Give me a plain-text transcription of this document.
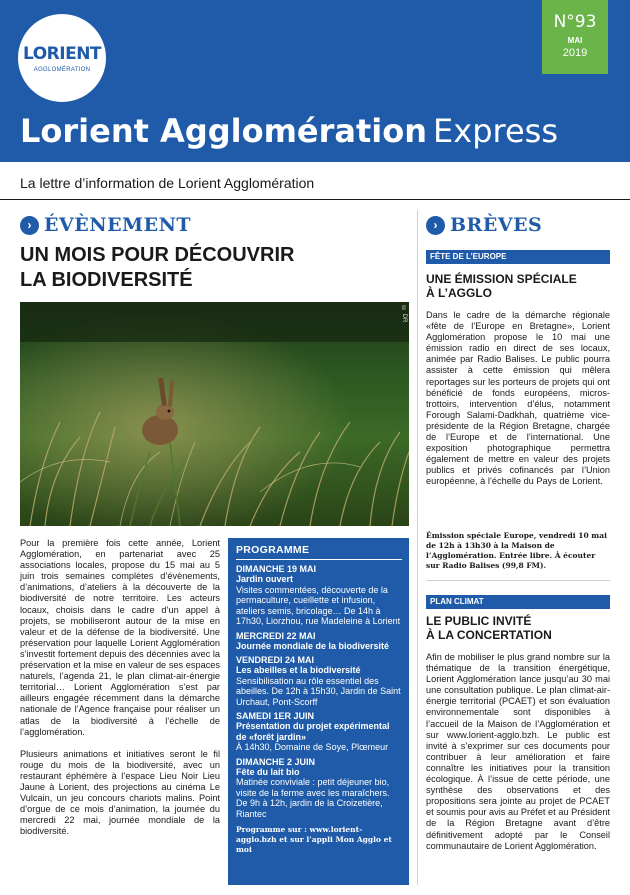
LORIENT
AGGLOMÉRATION
N°93
MAI
2019
Lorient Agglomération Express
La lettre d’information de Lorient Agglomération
› ÉVÈNEMENT
UN MOIS POUR DÉCOUVRIR
LA BIODIVERSITÉ
© DR

Pour la première fois cette année, Lorient Agglomération, en partenariat avec 25 associations locales, propose du 15 mai au 5 juin trois semaines complètes d’évènements, d’animations, d’ateliers à la découverte de la biodiversité de notre territoire. Les acteurs locaux, choisis dans le cadre d’un appel à projets, se mobiliseront autour de la mise en valeur et de la défense de la biodiversité. Une préservation pour laquelle Lorient Agglomération s’investit fortement depuis des décennies avec la préservation et la mise en valeur de ses espaces naturels, l’agenda 21, le plan climat-air-énergie territorial… Lorient Agglomération s’est par ailleurs engagée récemment dans la démarche nationale de l’Agence française pour réaliser un atlas de la biodiversité à l’échelle de l’agglomération.

Plusieurs animations et initiatives seront le fil rouge du mois de la biodiversité, avec un restaurant éphémère à l’espace Lieu Noir Lieu Jaune à Lorient, des projections au cinéma Le Vulcain, un jeu concours chariots malins. Point d’orgue de ce mois d’animation, la journée du mercredi 22 mai, journée mondiale de la biodiversité.

PROGRAMME
DIMANCHE 19 MAI
Jardin ouvert
Visites commentées, découverte de la permaculture, cueillette et infusion, ateliers semis, bricolage… De 14h à 17h30, Liorzhou, rue Madeleine à Lorient
MERCREDI 22 MAI
Journée mondiale de la biodiversité
VENDREDI 24 MAI
Les abeilles et la biodiversité
Sensibilisation au rôle essentiel des abeilles. De 12h à 15h30, Jardin de Saint Urchaut, Pont-Scorff
SAMEDI 1ER JUIN
Présentation du projet expérimental de «forêt jardin»
À 14h30, Domaine de Soye, Plœmeur
DIMANCHE 2 JUIN
Fête du lait bio
Matinée conviviale : petit déjeuner bio, visite de la ferme avec les maraîchers. De 9h à 12h, jardin de la Croizetière, Riantec
Programme sur : www.lorient-agglo.bzh et sur l’appli Mon Agglo et moi
› BRÈVES
FÊTE DE L’EUROPE
UNE ÉMISSION SPÉCIALE
À L’AGGLO
Dans le cadre de la démarche régionale «fête de l’Europe en Bretagne», Lorient Agglomération propose le 10 mai une émission radio en direct de ses locaux, animée par Radio Balises. Le public pourra assister à cette émission qui mêlera reportages sur les porteurs de projets qui ont bénéficié de fonds européens, micros-trottoirs, intervention d’élus, notamment Forough Salami-Dadkhah, quatrième vice-présidente de la Région Bretagne, chargée de l’Europe et de l’international. Une exposition photographique permettra également de mettre en valeur des projets publics et privés cofinancés par l’Union européenne, à l’échelle du Pays de Lorient.
Émission spéciale Europe, vendredi 10 mai de 12h à 13h30 à la Maison de l’Agglomération. Entrée libre. À écouter sur Radio Balises (99,8 FM).
PLAN CLIMAT
LE PUBLIC INVITÉ
À LA CONCERTATION
Afin de mobiliser le plus grand nombre sur la thématique de la transition énergétique, Lorient Agglomération lance jusqu’au 30 mai une consultation publique. Le plan climat-air-énergie territorial (PCAET) et son évaluation environnementale sont disponibles à l’accueil de la Maison de l’Agglomération et sur www.lorient-agglo.bzh. Le public est invité à s’exprimer sur ces documents pour contribuer à leur amélioration et faire connaître les initiatives pour la transition écologique. À l’issue de cette période, une synthèse des observations et des propositions sera jointe au projet de PCAET et soumis pour avis au Préfet et au Président de la Région Bretagne avant d’être définitivement adopté par le Conseil communautaire de Lorient Agglomération.
